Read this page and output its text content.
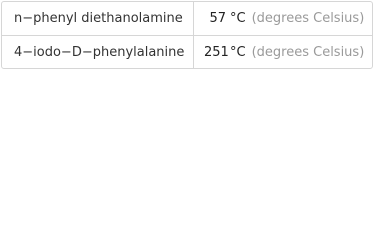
n−phenyl diethanolamine	57 °C (degrees Celsius)
4−iodo−D−phenylalanine	251 °C (degrees Celsius)
